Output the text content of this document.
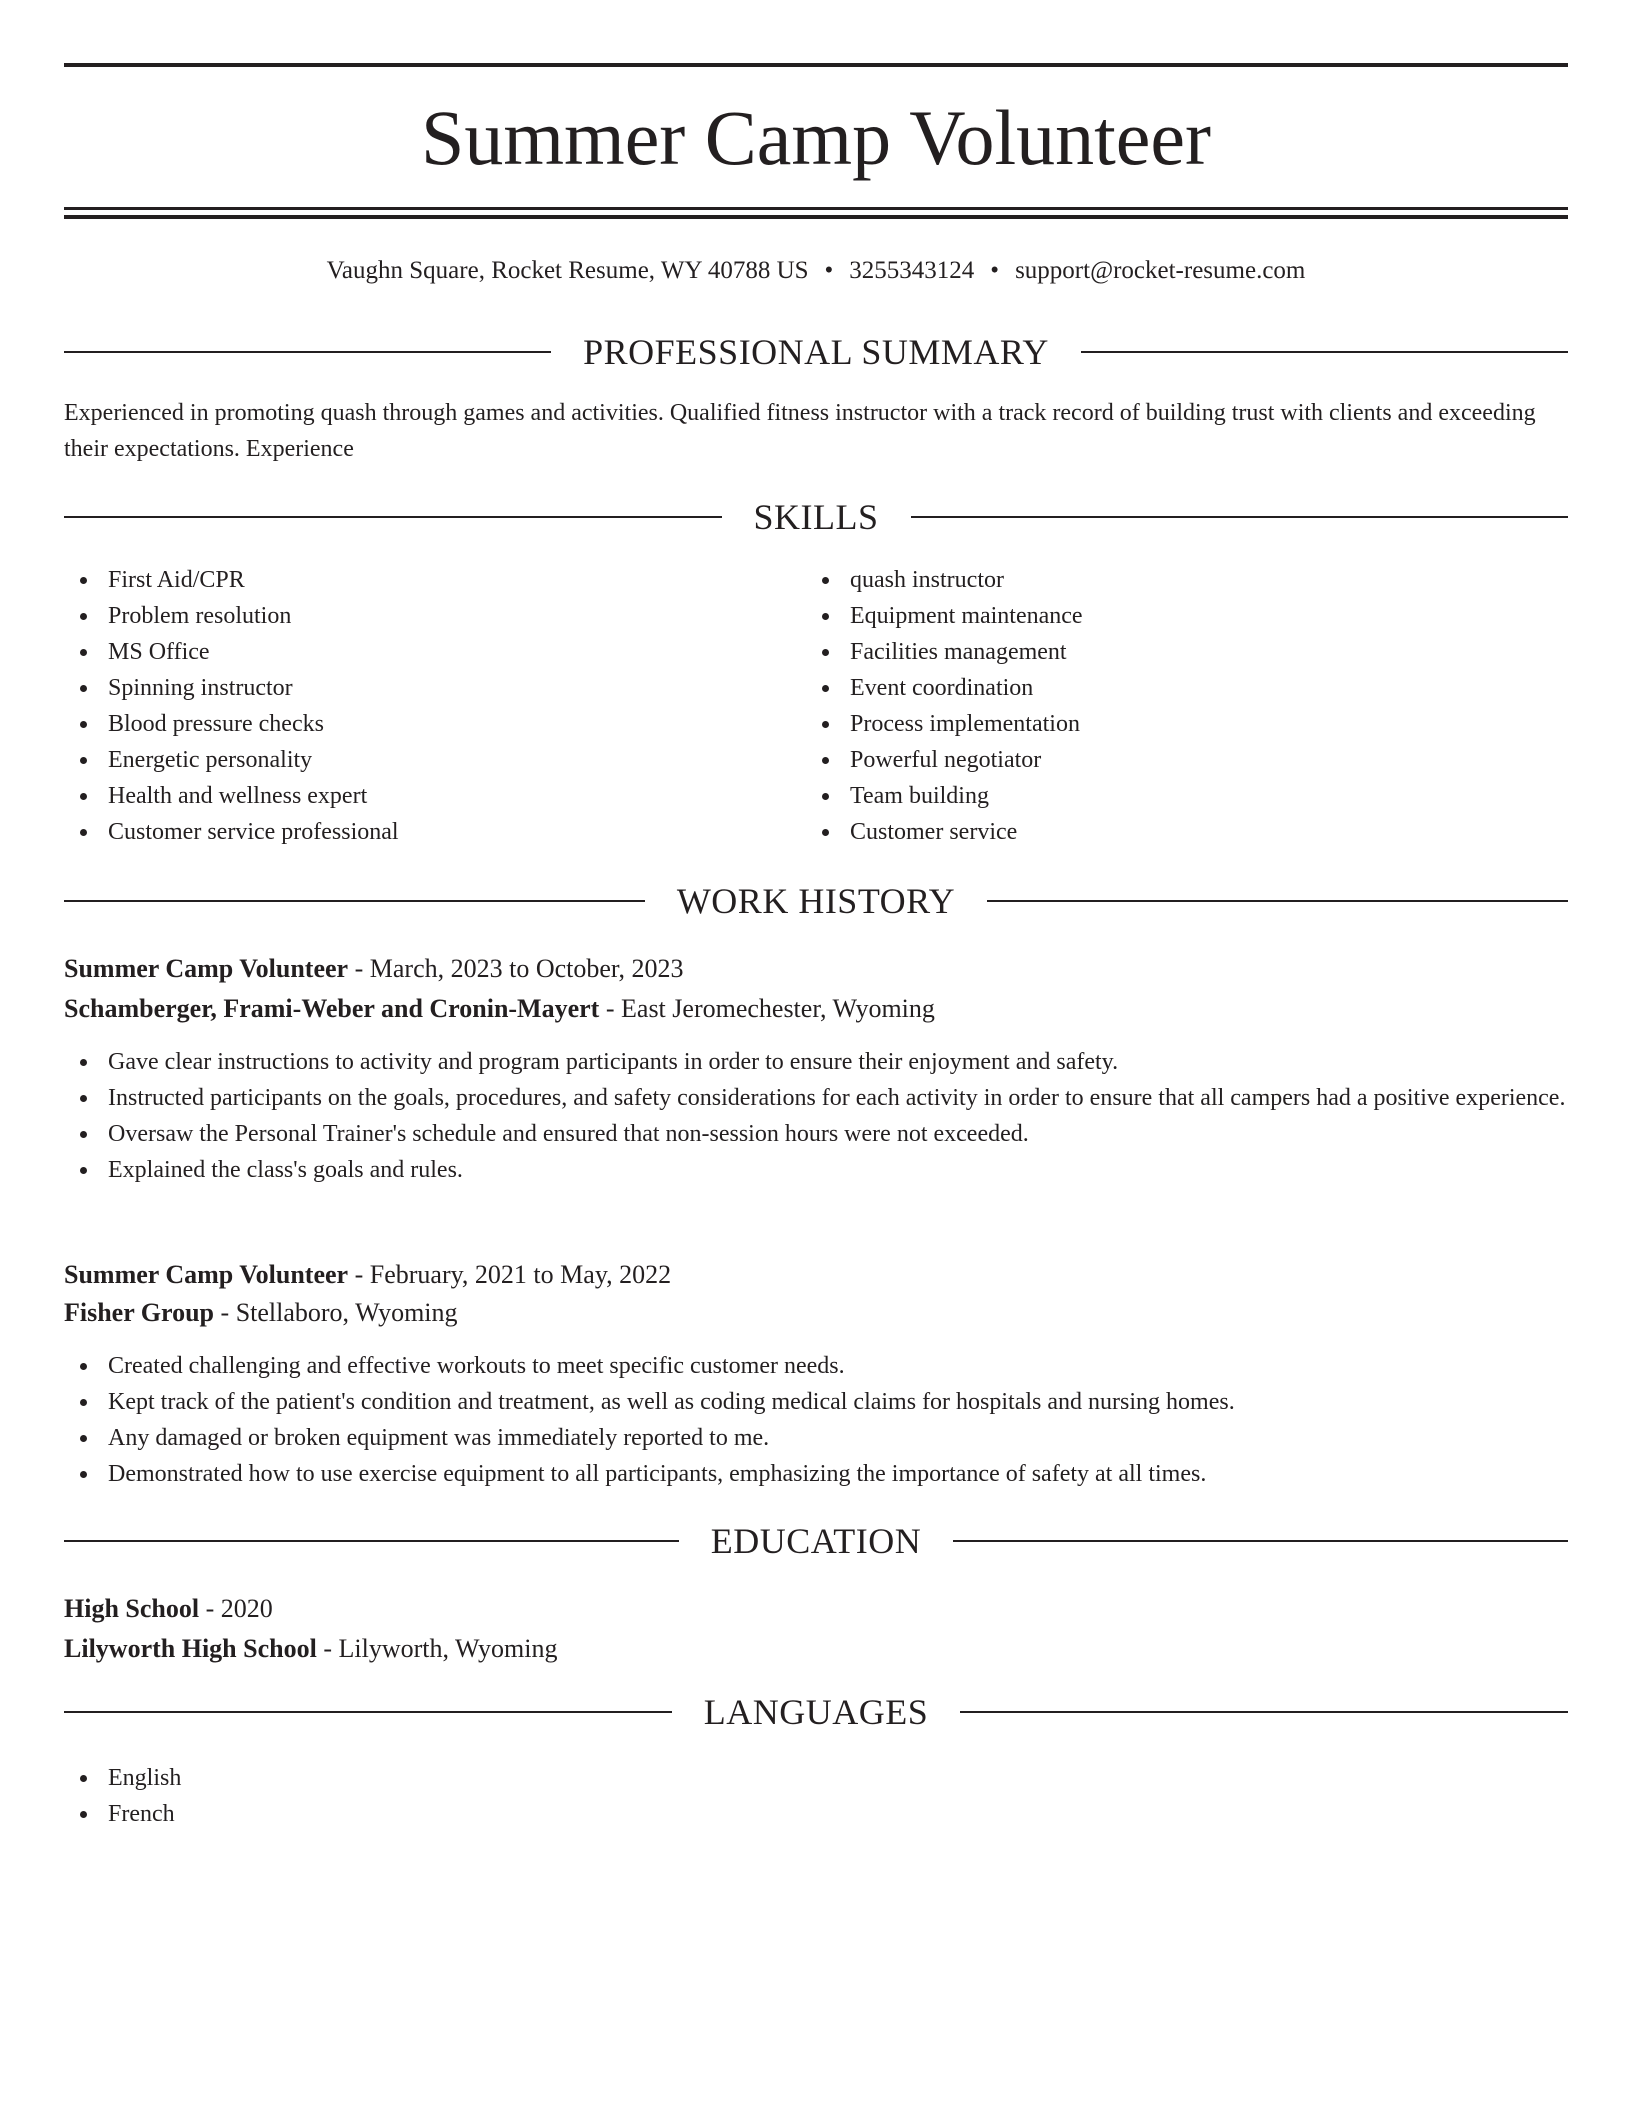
Summer Camp Volunteer
Vaughn Square, Rocket Resume, WY 40788 US • 3255343124 • support@rocket-resume.com
PROFESSIONAL SUMMARY

Experienced in promoting quash through games and activities. Qualified fitness instructor with a track record of building trust with clients and exceeding their expectations. Experience

SKILLS
First Aid/CPR
Problem resolution
MS Office
Spinning instructor
Blood pressure checks
Energetic personality
Health and wellness expert
Customer service professional
quash instructor
Equipment maintenance
Facilities management
Event coordination
Process implementation
Powerful negotiator
Team building
Customer service
WORK HISTORY
Summer Camp Volunteer - March, 2023 to October, 2023
Schamberger, Frami-Weber and Cronin-Mayert - East Jeromechester, Wyoming
Gave clear instructions to activity and program participants in order to ensure their enjoyment and safety.
Instructed participants on the goals, procedures, and safety considerations for each activity in order to ensure that all campers had a positive experience.
Oversaw the Personal Trainer's schedule and ensured that non-session hours were not exceeded.
Explained the class's goals and rules.
Summer Camp Volunteer - February, 2021 to May, 2022
Fisher Group - Stellaboro, Wyoming
Created challenging and effective workouts to meet specific customer needs.
Kept track of the patient's condition and treatment, as well as coding medical claims for hospitals and nursing homes.
Any damaged or broken equipment was immediately reported to me.
Demonstrated how to use exercise equipment to all participants, emphasizing the importance of safety at all times.
EDUCATION
High School - 2020
Lilyworth High School - Lilyworth, Wyoming
LANGUAGES
English
French
